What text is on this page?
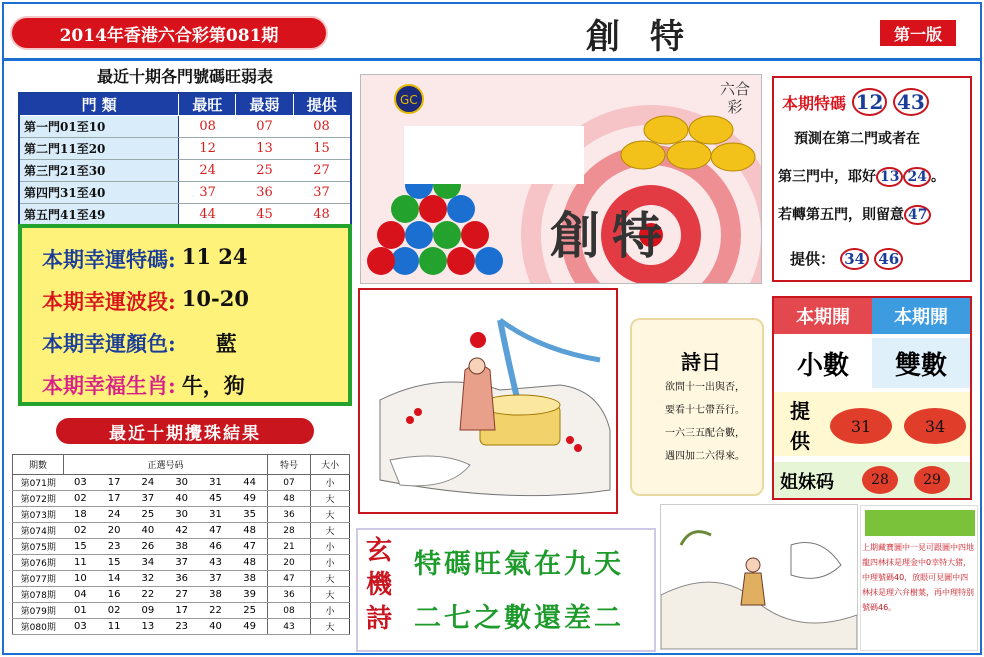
2014年香港六合彩第081期	創特	第一版
最近十期各門號碼旺弱表
門 類	最旺	最弱	提供
第一門01至10	08	07	08
第二門11至20	12	13	15
第三門21至30	24	25	27
第四門31至40	37	36	37
第五門41至49	44	45	48
本期幸運特碼: 11 24
本期幸運波段: 10-20
本期幸運顏色: 藍
本期幸福生肖: 牛，狗
最近十期攪珠結果
期數	正選号码						特号	大小
第071期	03	17	24	30	31	44	07	小
第072期	02	17	37	40	45	49	48	大
第073期	18	24	25	30	31	35	36	大
第074期	02	20	40	42	47	48	28	大
第075期	15	23	26	38	46	47	21	小
第076期	11	15	34	37	43	48	20	小
第077期	10	14	32	36	37	38	47	大
第078期	04	16	22	27	38	39	36	大
第079期	01	02	09	17	22	25	08	小
第080期	03	11	13	23	40	49	43	大
GC
創特
六合彩	本期特碼 12 43
預測在第二門或者在
第三門中，耶好 13 24 。
若轉第五門，則留意 47
提供： 34 46
詩日
欲問十一出與否，
要看十七帶吾行。
一六三五配合數，
遇四加二六得來。
本期開	本期開
小數	雙數
提供
31	34
姐妹码	28	29
玄機詩
特碼旺氣在九天
二七之數還差二
上期藏寶圖中一見可跟圖中四地龍四林抹是理金中0幸特大猪，中理號碼40，放眼可見圖中四林抹是理六弁樹葉，再中理特别號碼46。
